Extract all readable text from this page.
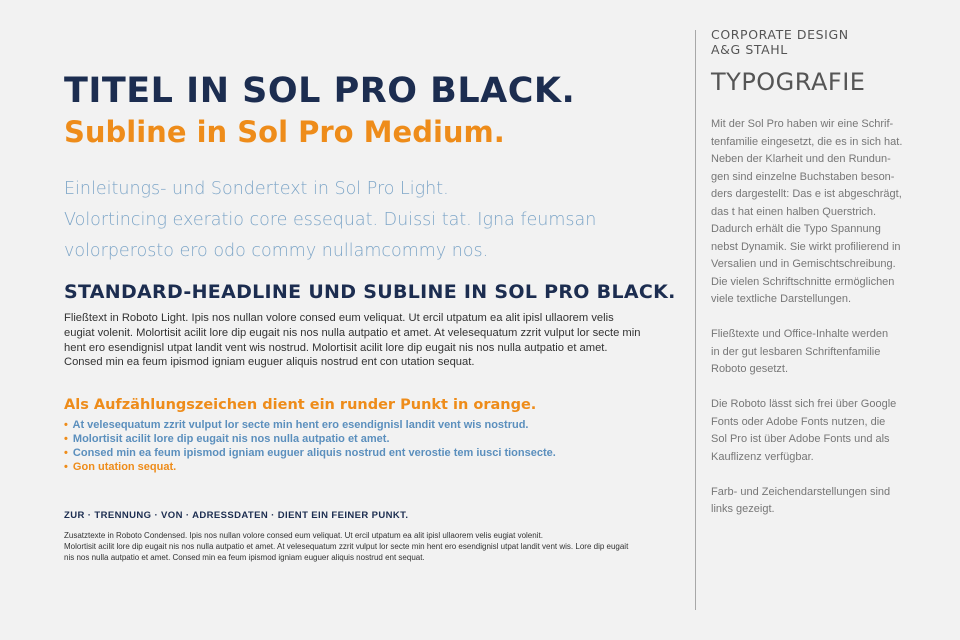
TITEL IN SOL PRO BLACK.
Subline in Sol Pro Medium.
Einleitungs- und Sondertext in Sol Pro Light.
Volortincing exeratio core essequat. Duissi tat. Igna feumsan
volorperosto ero odo commy nullamcommy nos.
STANDARD-HEADLINE UND SUBLINE IN SOL PRO BLACK.

Fließtext in Roboto Light. Ipis nos nullan volore consed eum veliquat. Ut ercil utpatum ea alit ipisl ullaorem velis
eugiat volenit. Molortisit acilit lore dip eugait nis nos nulla autpatio et amet. At velesequatum zzrit vulput lor secte min
hent ero esendignisl utpat landit vent wis nostrud. Molortisit acilit lore dip eugait nis nos nulla autpatio et amet.
Consed min ea feum ipismod igniam euguer aliquis nostrud ent con utation sequat.

Als Aufzählungszeichen dient ein runder Punkt in orange.
• At velesequatum zzrit vulput lor secte min hent ero esendignisl landit vent wis nostrud.
• Molortisit acilit lore dip eugait nis nos nulla autpatio et amet.
• Consed min ea feum ipismod igniam euguer aliquis nostrud ent verostie tem iusci tionsecte.
• Gon utation sequat.
ZUR · TRENNUNG · VON · ADRESSDATEN · DIENT EIN FEINER PUNKT.

Zusatztexte in Roboto Condensed. Ipis nos nullan volore consed eum veliquat. Ut ercil utpatum ea alit ipisl ullaorem velis eugiat volenit.
Molortisit acilit lore dip eugait nis nos nulla autpatio et amet. At velesequatum zzrit vulput lor secte min hent ero esendignisl utpat landit vent wis. Lore dip eugait
nis nos nulla autpatio et amet. Consed min ea feum ipismod igniam euguer aliquis nostrud ent sequat.

CORPORATE DESIGN
A&G STAHL

TYPOGRAFIE

Mit der Sol Pro haben wir eine Schrif-
tenfamilie eingesetzt, die es in sich hat.
Neben der Klarheit und den Rundun-
gen sind einzelne Buchstaben beson-
ders dargestellt: Das e ist abgeschrägt,
das t hat einen halben Querstrich.
Dadurch erhält die Typo Spannung
nebst Dynamik. Sie wirkt profilierend in
Versalien und in Gemischtschreibung.
Die vielen Schriftschnitte ermöglichen
viele textliche Darstellungen.

Fließtexte und Office-Inhalte werden
in der gut lesbaren Schriftenfamilie
Roboto gesetzt.

Die Roboto lässt sich frei über Google
Fonts oder Adobe Fonts nutzen, die
Sol Pro ist über Adobe Fonts und als
Kauflizenz verfügbar.

Farb- und Zeichendarstellungen sind
links gezeigt.
